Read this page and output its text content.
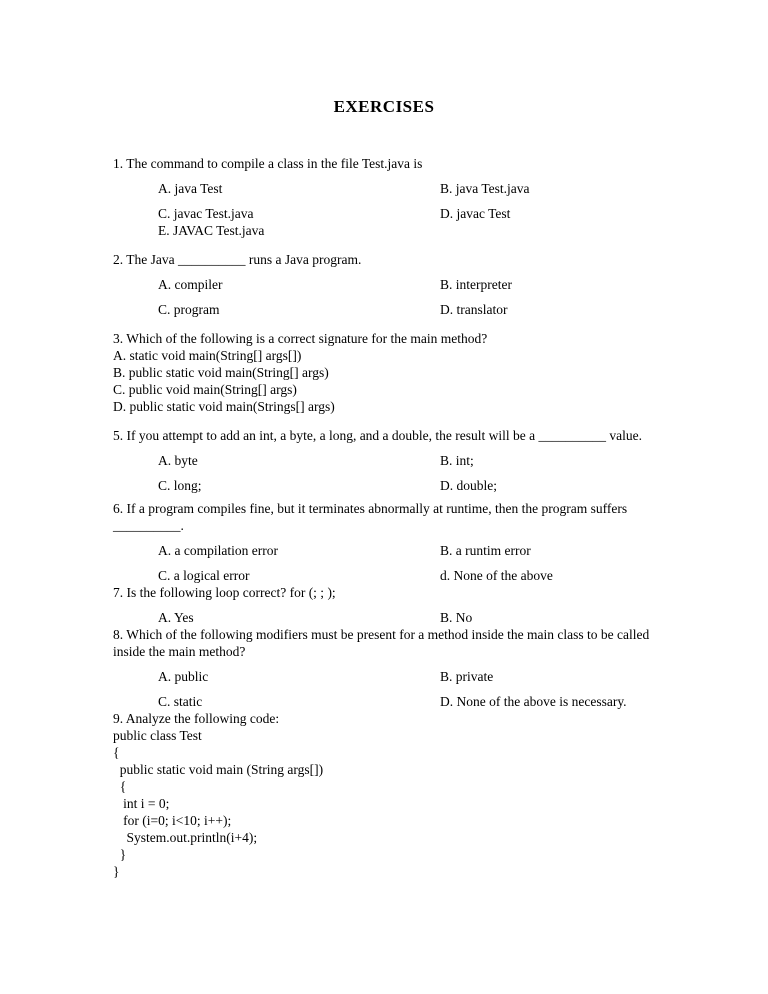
EXERCISES

1. The command to compile a class in the file Test.java is

A. java Test	B. java Test.java
C. javac Test.java	D. javac Test
E. JAVAC Test.java

2. The Java __________ runs a Java program.

A. compiler	B. interpreter
C. program	D. translator

3. Which of the following is a correct signature for the main method?

A. static void main(String[] args[])

B. public static void main(String[] args)

C. public void main(String[] args)

D. public static void main(Strings[] args)

5. If you attempt to add an int, a byte, a long, and a double, the result will be a __________ value.

A. byte	B. int;
C. long;	D. double;

6. If a program compiles fine, but it terminates abnormally at runtime, then the program suffers __________.

A. a compilation error	B. a runtim error
C. a logical error	d. None of the above

7. Is the following loop correct? for (; ; );

A. Yes	B. No

8. Which of the following modifiers must be present for a method inside the main class to be called inside the main method?

A. public	B. private
C. static	D. None of the above is necessary.

9. Analyze the following code:

public class Test

{

public static void main (String args[])

{

int i = 0;

for (i=0; i<10; i++);

System.out.println(i+4);

}

}
